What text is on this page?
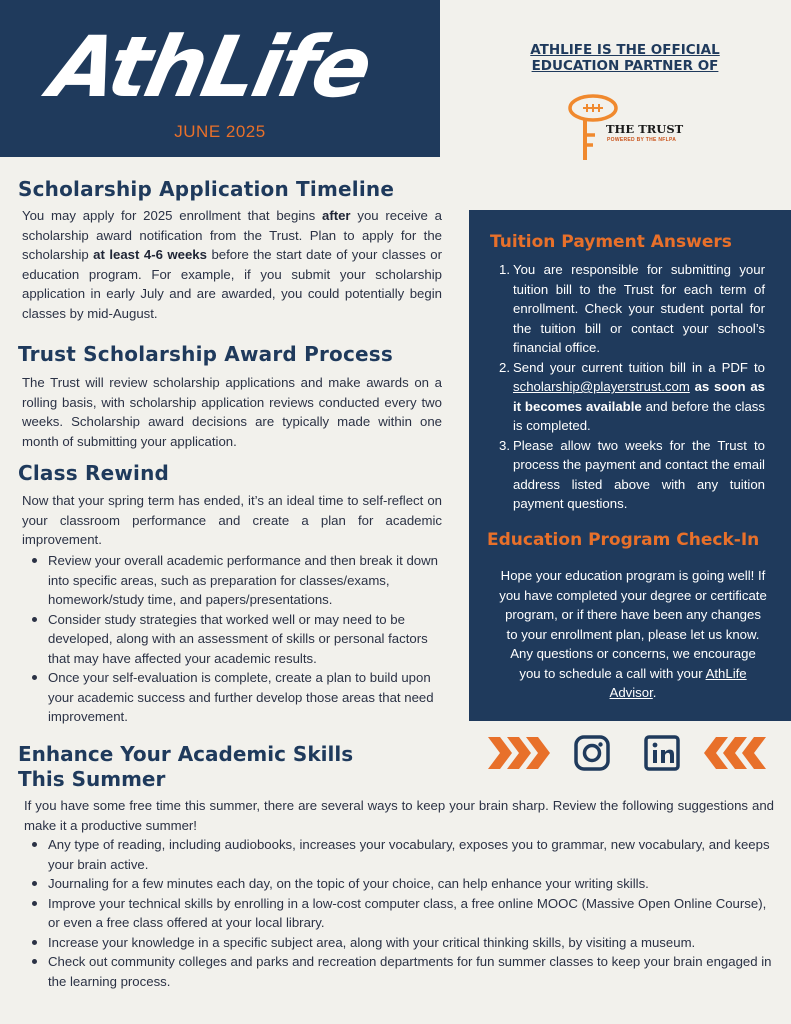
AthLife
JUNE 2025
ATHLIFE IS THE OFFICIAL
EDUCATION PARTNER OF
THE TRUST
POWERED BY THE NFLPA
Scholarship Application Timeline
You may apply for 2025 enrollment that begins after you receive a scholarship award notification from the Trust. Plan to apply for the scholarship at least 4-6 weeks before the start date of your classes or education program. For example, if you submit your scholarship application in early July and are awarded, you could potentially begin classes by mid-August.
Trust Scholarship Award Process
The Trust will review scholarship applications and make awards on a rolling basis, with scholarship application reviews conducted every two weeks. Scholarship award decisions are typically made within one month of submitting your application.
Class Rewind
Now that your spring term has ended, it’s an ideal time to self-reflect on your classroom performance and create a plan for academic improvement.
Review your overall academic performance and then break it down into specific areas, such as preparation for classes/exams, homework/study time, and papers/presentations.
Consider study strategies that worked well or may need to be developed, along with an assessment of skills or personal factors that may have affected your academic results.
Once your self-evaluation is complete, create a plan to build upon your academic success and further develop those areas that need improvement.
Tuition Payment Answers
1. You are responsible for submitting your tuition bill to the Trust for each term of enrollment. Check your student portal for the tuition bill or contact your school’s financial office.
2. Send your current tuition bill in a PDF to scholarship@playerstrust.com as soon as it becomes available and before the class is completed.
3. Please allow two weeks for the Trust to process the payment and contact the email address listed above with any tuition payment questions.
Education Program Check-In
Hope your education program is going well! If you have completed your degree or certificate program, or if there have been any changes to your enrollment plan, please let us know. Any questions or concerns, we encourage you to schedule a call with your AthLife Advisor.
Enhance Your Academic Skills
This Summer
If you have some free time this summer, there are several ways to keep your brain sharp. Review the following suggestions and make it a productive summer!
Any type of reading, including audiobooks, increases your vocabulary, exposes you to grammar, new vocabulary, and keeps your brain active.
Journaling for a few minutes each day, on the topic of your choice, can help enhance your writing skills.
Improve your technical skills by enrolling in a low-cost computer class, a free online MOOC (Massive Open Online Course), or even a free class offered at your local library.
Increase your knowledge in a specific subject area, along with your critical thinking skills, by visiting a museum.
Check out community colleges and parks and recreation departments for fun summer classes to keep your brain engaged in the learning process.
